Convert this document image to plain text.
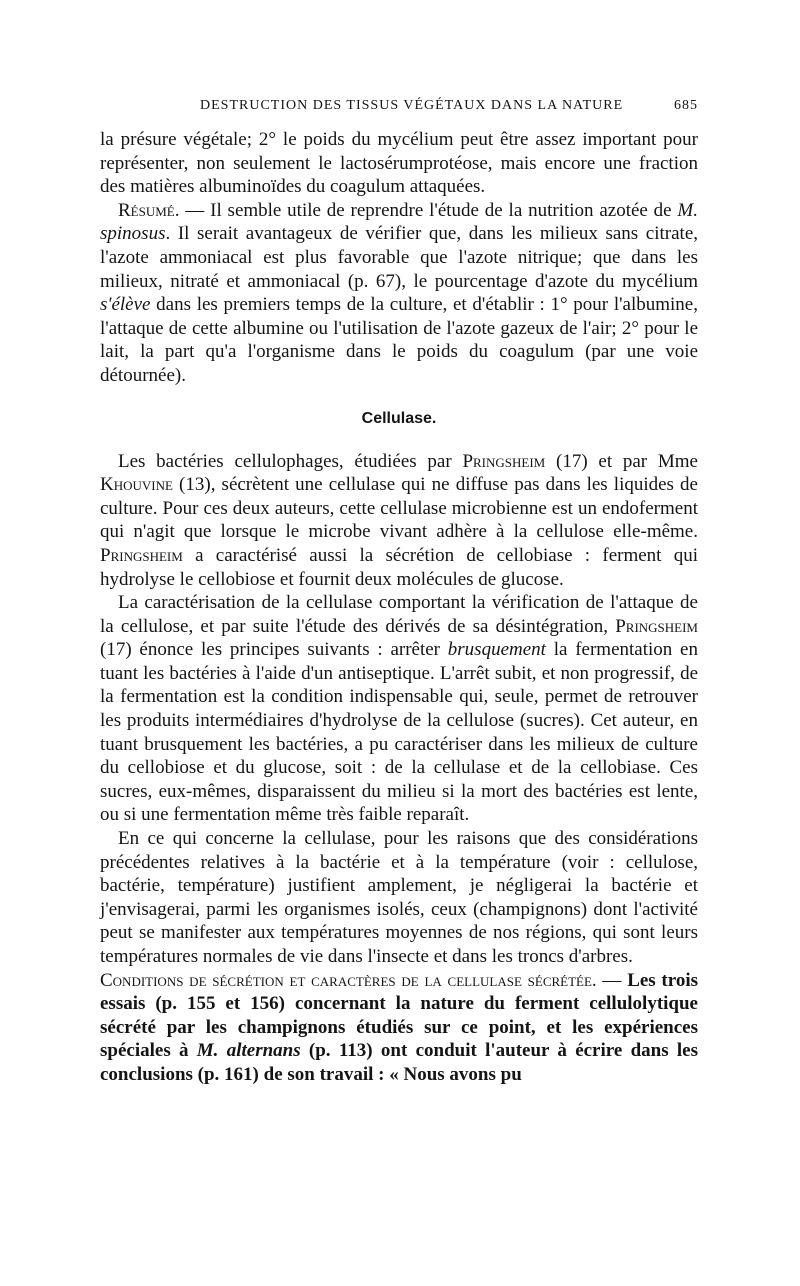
DESTRUCTION DES TISSUS VÉGÉTAUX DANS LA NATURE	685

la présure végétale; 2° le poids du mycélium peut être assez important pour représenter, non seulement le lactosérumprotéose, mais encore une fraction des matières albuminoïdes du coagulum attaquées.

Résumé. — Il semble utile de reprendre l'étude de la nutrition azotée de M. spinosus. Il serait avantageux de vérifier que, dans les milieux sans citrate, l'azote ammoniacal est plus favorable que l'azote nitrique; que dans les milieux, nitraté et ammoniacal (p. 67), le pourcentage d'azote du mycélium s'élève dans les premiers temps de la culture, et d'établir : 1° pour l'albumine, l'attaque de cette albumine ou l'utilisation de l'azote gazeux de l'air; 2° pour le lait, la part qu'a l'organisme dans le poids du coagulum (par une voie détournée).

Cellulase.

Les bactéries cellulophages, étudiées par Pringsheim (17) et par Mme Khouvine (13), sécrètent une cellulase qui ne diffuse pas dans les liquides de culture. Pour ces deux auteurs, cette cellulase microbienne est un endoferment qui n'agit que lorsque le microbe vivant adhère à la cellulose elle-même. Pringsheim a caractérisé aussi la sécrétion de cellobiase : ferment qui hydrolyse le cellobiose et fournit deux molécules de glucose.

La caractérisation de la cellulase comportant la vérification de l'attaque de la cellulose, et par suite l'étude des dérivés de sa désintégration, Pringsheim (17) énonce les principes suivants : arrêter brusquement la fermentation en tuant les bactéries à l'aide d'un antiseptique. L'arrêt subit, et non progressif, de la fermentation est la condition indispensable qui, seule, permet de retrouver les produits intermédiaires d'hydrolyse de la cellulose (sucres). Cet auteur, en tuant brusquement les bactéries, a pu caractériser dans les milieux de culture du cellobiose et du glucose, soit : de la cellulase et de la cellobiase. Ces sucres, eux-mêmes, disparaissent du milieu si la mort des bactéries est lente, ou si une fermentation même très faible reparaît.

En ce qui concerne la cellulase, pour les raisons que des considérations précédentes relatives à la bactérie et à la température (voir : cellulose, bactérie, température) justifient amplement, je négligerai la bactérie et j'envisagerai, parmi les organismes isolés, ceux (champignons) dont l'activité peut se manifester aux températures moyennes de nos régions, qui sont leurs températures normales de vie dans l'insecte et dans les troncs d'arbres.

Conditions de sécrétion et caractères de la cellulase sécrétée. — Les trois essais (p. 155 et 156) concernant la nature du ferment cellulolytique sécrété par les champignons étudiés sur ce point, et les expériences spéciales à M. alternans (p. 113) ont conduit l'auteur à écrire dans les conclusions (p. 161) de son travail : « Nous avons pu
